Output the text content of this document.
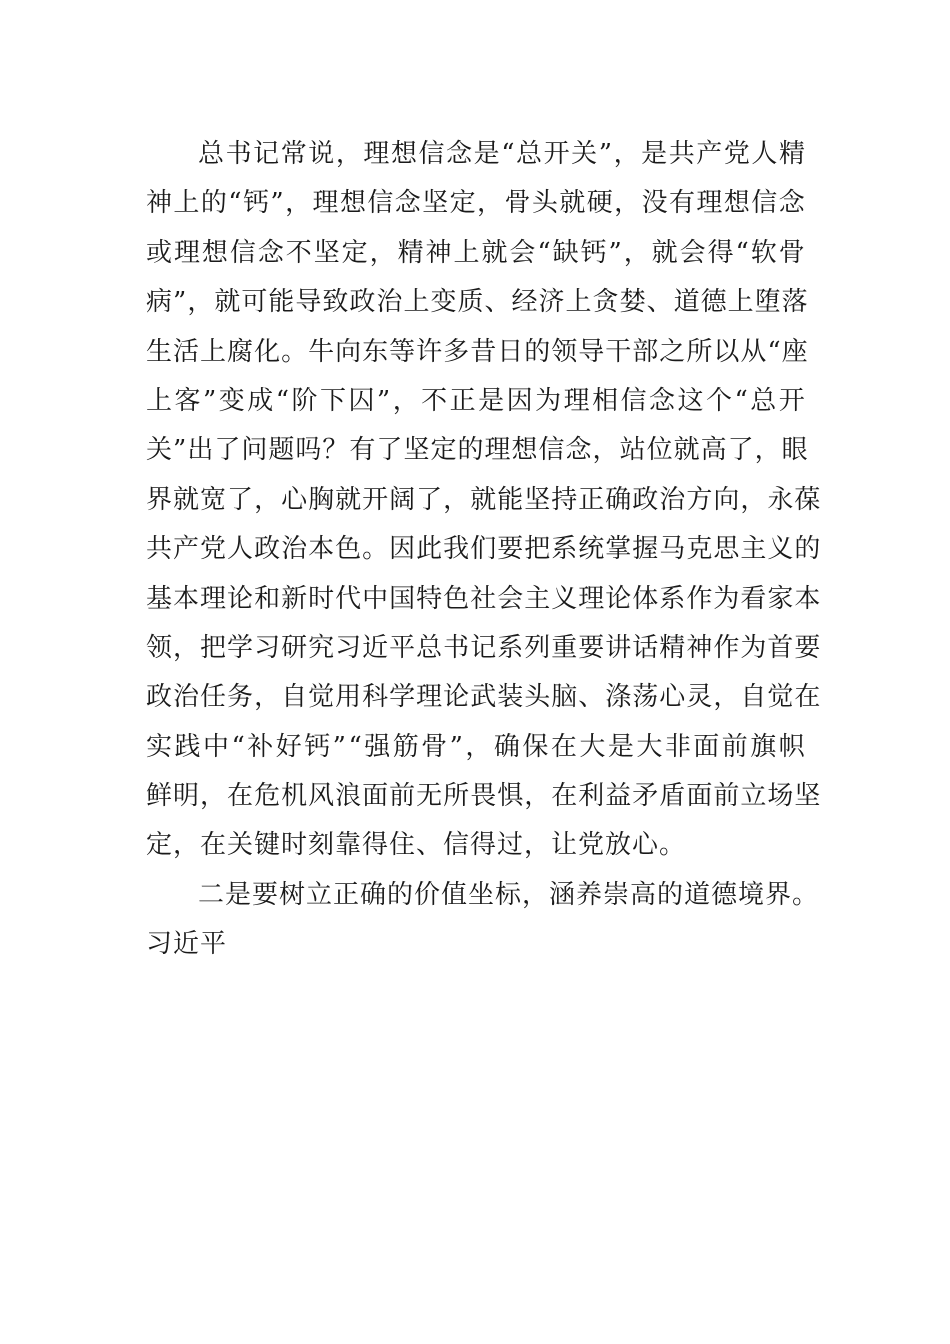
总 书 记 常 说 ， 理 想 信 念 是 “ 总 开 关 ” ， 是 共 产 党 人 精
神 上 的 “ 钙 ” ， 理 想 信 念 坚 定 ， 骨 头 就 硬 ， 没 有 理 想 信 念
或 理 想 信 念 不 坚 定 ， 精 神 上 就 会 “ 缺 钙 ” ， 就 会 得 “ 软 骨
病 ” ， 就 可 能 导 致 政 治 上 变 质 、 经 济 上 贪 婪 、 道 德 上 堕 落
生 活 上 腐 化 。 牛 向 东 等 许 多 昔 日 的 领 导 干 部 之 所 以 从 “ 座
上 客 ” 变 成 “ 阶 下 囚 ” ， 不 正 是 因 为 理 相 信 念 这 个 “ 总 开
关 ” 出 了 问 题 吗 ？ 有 了 坚 定 的 理 想 信 念 ， 站 位 就 高 了 ， 眼
界 就 宽 了 ， 心 胸 就 开 阔 了 ， 就 能 坚 持 正 确 政 治 方 向 ， 永 葆
共 产 党 人 政 治 本 色 。 因 此 我 们 要 把 系 统 掌 握 马 克 思 主 义 的
基 本 理 论 和 新 时 代 中 国 特 色 社 会 主 义 理 论 体 系 作 为 看 家 本
领 ， 把 学 习 研 究 习 近 平 总 书 记 系 列 重 要 讲 话 精 神 作 为 首 要
政 治 任 务 ， 自 觉 用 科 学 理 论 武 装 头 脑 、 涤 荡 心 灵 ， 自 觉 在
实 践 中 “ 补 好 钙 ” “ 强 筋 骨 ” ， 确 保 在 大 是 大 非 面 前 旗 帜
鲜 明 ， 在 危 机 风 浪 面 前 无 所 畏 惧 ， 在 利 益 矛 盾 面 前 立 场 坚
定，在关键时刻靠得住、信得过，让党放心。
二是要树立正确的价值坐标，涵养崇高的道德境界。
习近平
